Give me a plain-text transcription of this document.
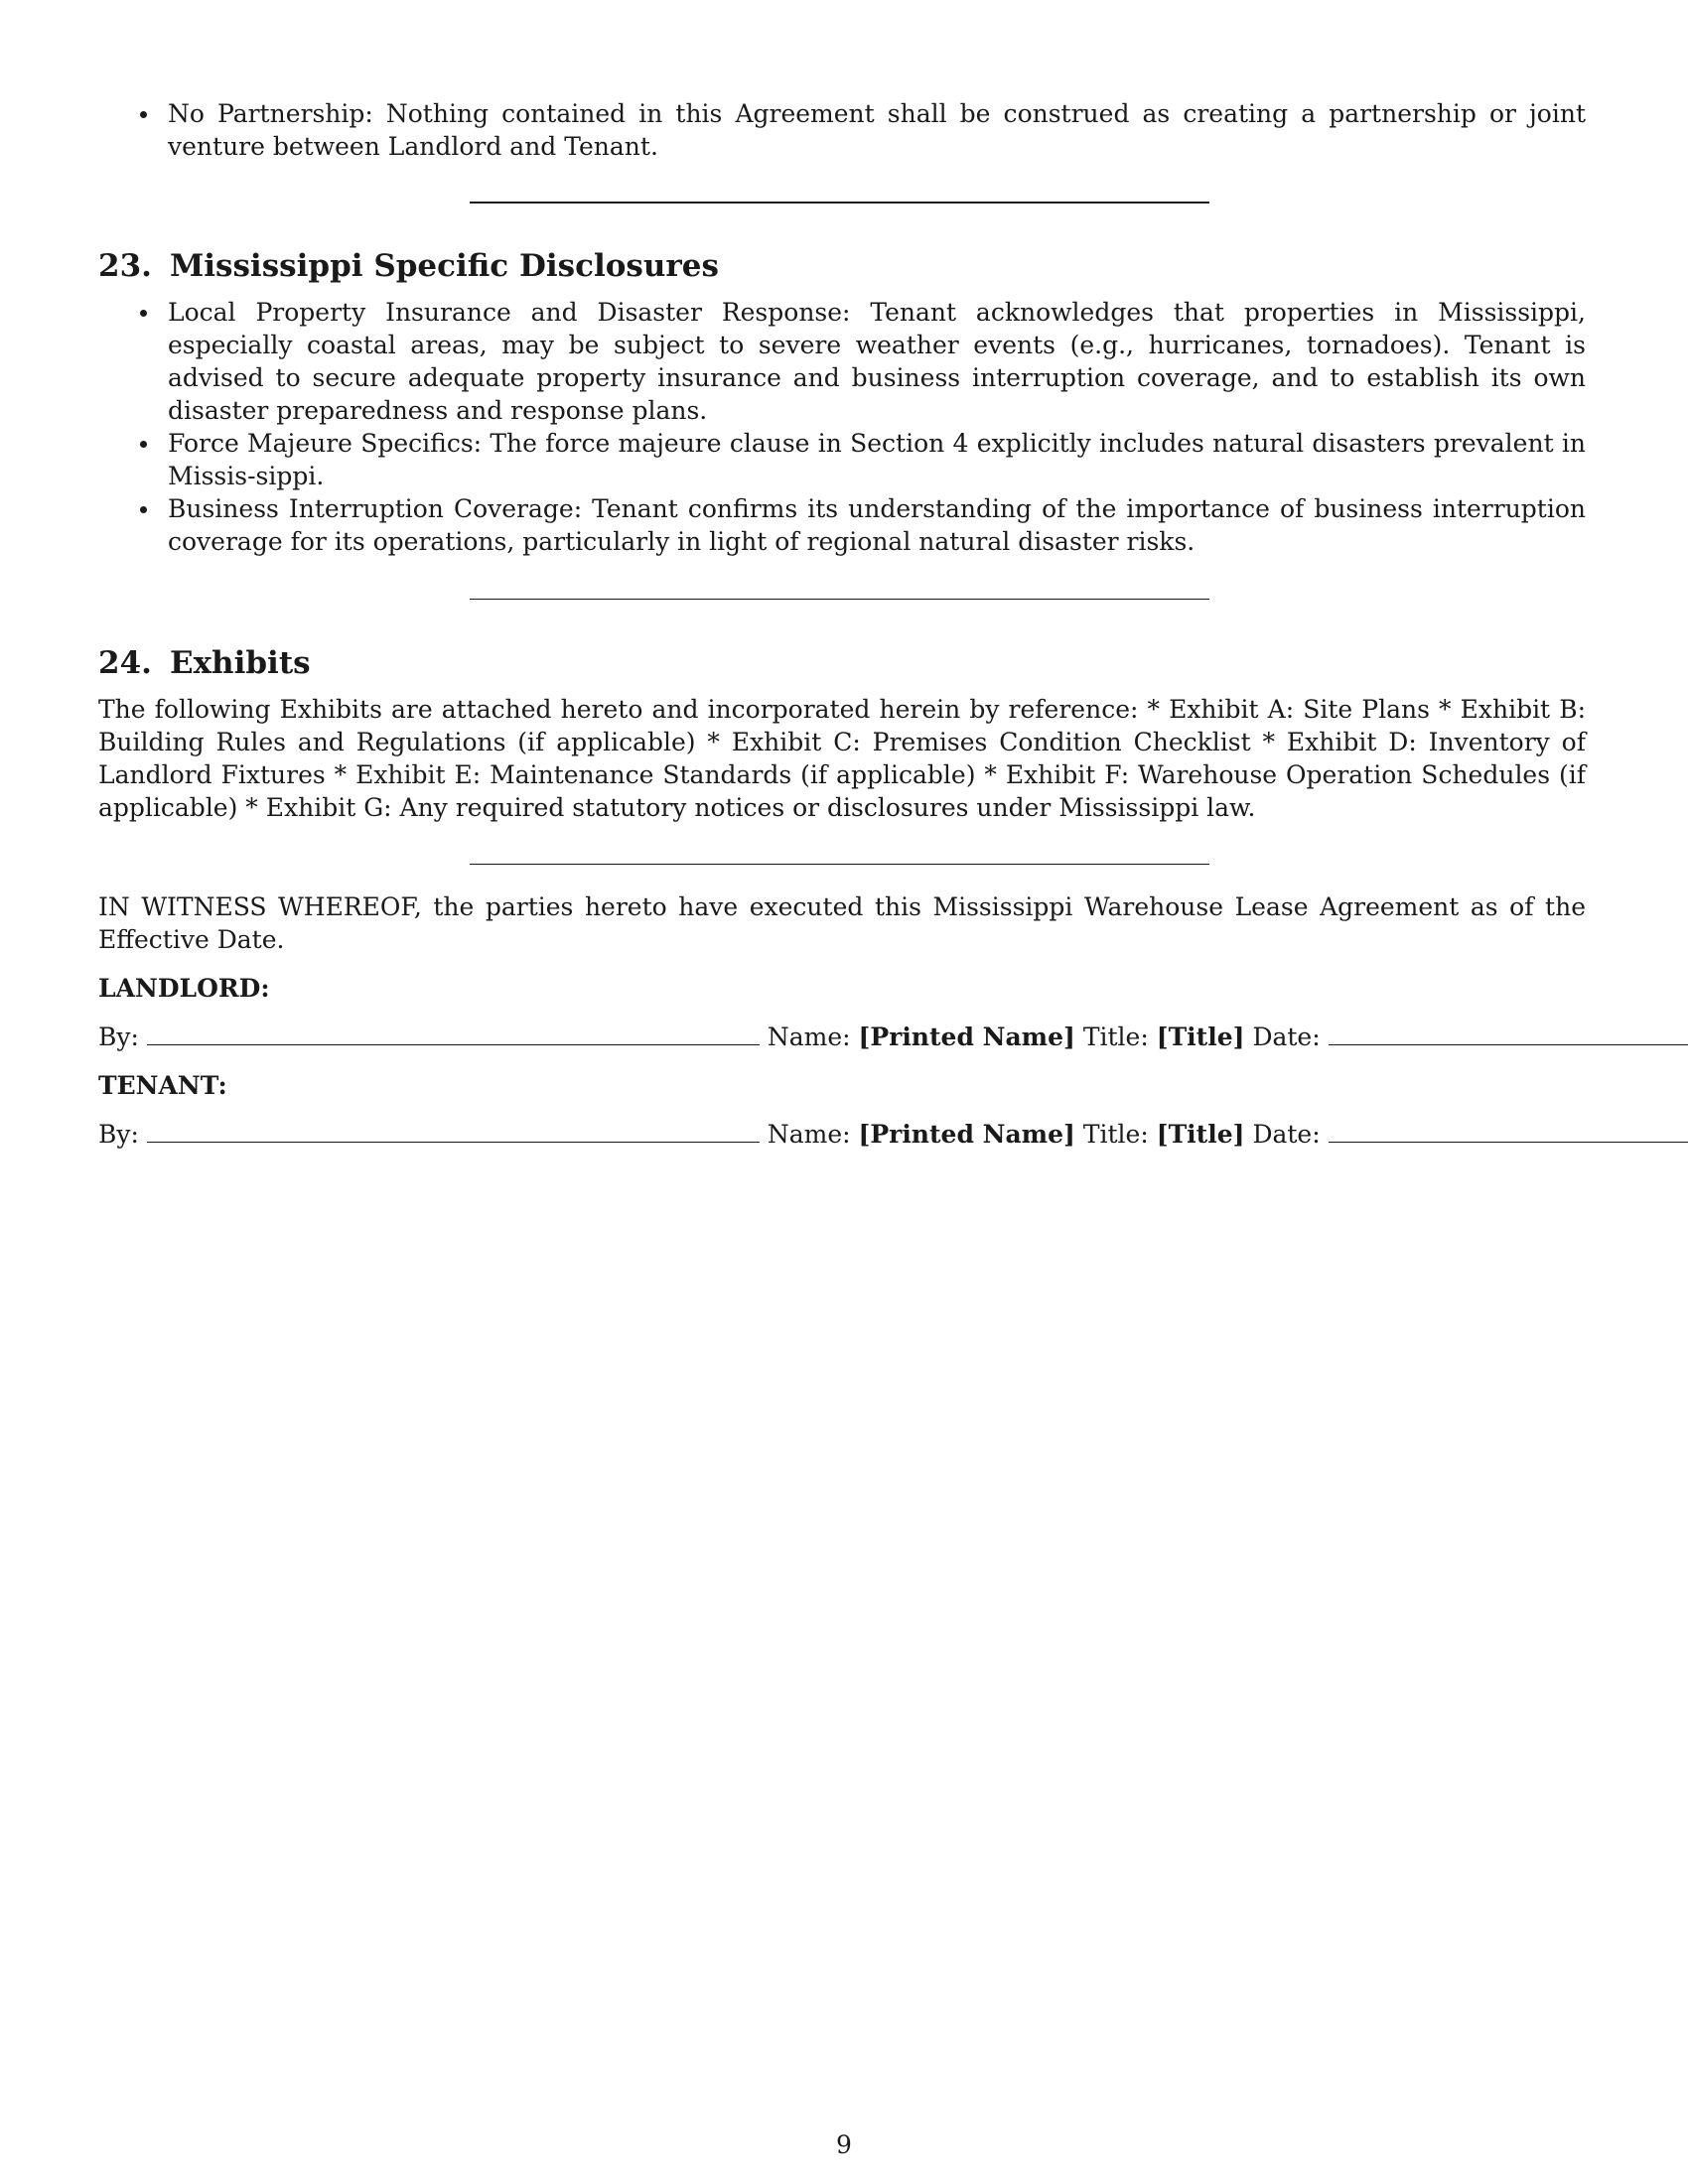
No Partnership: Nothing contained in this Agreement shall be construed as creating a partnership or joint venture between Landlord and Tenant.
23. Mississippi Specific Disclosures
Local Property Insurance and Disaster Response: Tenant acknowledges that properties in Mississippi, especially coastal areas, may be subject to severe weather events (e.g., hurricanes, tornadoes). Tenant is advised to secure adequate property insurance and business interruption coverage, and to establish its own disaster preparedness and response plans.
Force Majeure Specifics: The force majeure clause in Section 4 explicitly includes natural disasters prevalent in Missis-sippi.
Business Interruption Coverage: Tenant confirms its understanding of the importance of business interruption coverage for its operations, particularly in light of regional natural disaster risks.
24. Exhibits

The following Exhibits are attached hereto and incorporated herein by reference: * Exhibit A: Site Plans * Exhibit B: Building Rules and Regulations (if applicable) * Exhibit C: Premises Condition Checklist * Exhibit D: Inventory of Landlord Fixtures * Exhibit E: Maintenance Standards (if applicable) * Exhibit F: Warehouse Operation Schedules (if applicable) * Exhibit G: Any required statutory notices or disclosures under Mississippi law.

IN WITNESS WHEREOF, the parties hereto have executed this Mississippi Warehouse Lease Agreement as of the Effective Date.

LANDLORD:
By:	Name: [Printed Name] Title: [Title] Date:
TENANT:
By:	Name: [Printed Name] Title: [Title] Date:
9
